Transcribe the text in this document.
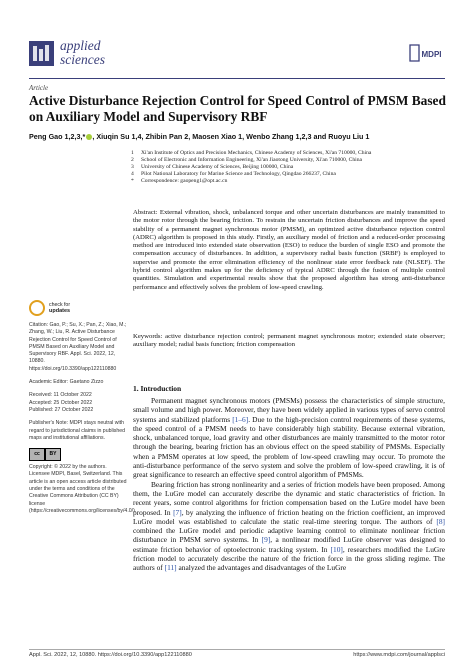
applied
sciences	MDPI
Article
Active Disturbance Rejection Control for Speed Control of PMSM Based on Auxiliary Model and Supervisory RBF
Peng Gao 1,2,3,* , Xiuqin Su 1,4, Zhibin Pan 2, Maosen Xiao 1, Wenbo Zhang 1,2,3 and Ruoyu Liu 1
1	Xi'an Institute of Optics and Precision Mechanics, Chinese Academy of Sciences, Xi'an 710000, China
2	School of Electronic and Information Engineering, Xi'an Jiaotong University, Xi'an 710000, China
3	University of Chinese Academy of Sciences, Beijing 100000, China
4	Pilot National Laboratory for Marine Science and Technology, Qingdao 266237, China
*	Correspondence: gaopeng1@opt.ac.cn
Abstract: External vibration, shock, unbalanced torque and other uncertain disturbances are mainly transmitted to the motor rotor through the bearing friction. To restrain the uncertain friction disturbances and improve the speed stability of a permanent magnet synchronous motor (PMSM), an optimized active disturbance rejection control (ADRC) algorithm is proposed in this study. Firstly, an auxiliary model of friction and a reduced-order processing method are introduced into extended state observation (ESO) to reduce the burden of single ESO and promote the compensation accuracy of disturbances. In addition, a supervisory radial basis function (SRBF) is employed to supervise and promote the error elimination efficiency of the nonlinear state error feedback rate (NLSEF). The hybrid control algorithm makes up for the deficiency of typical ADRC through the fusion of multiple control quantities. Simulation and experimental results show that the proposed algorithm has strong anti-disturbance performance and effectively solves the problem of low-speed crawling.
Keywords: active disturbance rejection control; permanent magnet synchronous motor; extended state observer; auxiliary model; radial basis function; friction compensation
check for
updates
Citation: Gao, P.; Su, X.; Pan, Z.; Xiao, M.; Zhang, W.; Liu, R. Active Disturbance Rejection Control for Speed Control of PMSM Based on Auxiliary Model and Supervisory RBF. Appl. Sci. 2022, 12, 10880. https://doi.org/10.3390/app122110880
Academic Editor: Gaetano Zizzo
Received: 11 October 2022
Accepted: 25 October 2022
Published: 27 October 2022
Publisher's Note: MDPI stays neutral with regard to jurisdictional claims in published maps and institutional affiliations.
cc	BY
Copyright: © 2022 by the authors. Licensee MDPI, Basel, Switzerland. This article is an open access article distributed under the terms and conditions of the Creative Commons Attribution (CC BY) license (https://creativecommons.org/licenses/by/4.0/).
1. Introduction

Permanent magnet synchronous motors (PMSMs) possess the characteristics of simple structure, small volume and high power. Moreover, they have been widely applied in various types of servo control systems and stabilized platforms [1–6]. Due to the high-precision control requirements of these systems, the speed control of a PMSM needs to have considerably high stability. Because external vibration, shock, unbalanced torque, load gravity and other disturbances are mainly transmitted to the motor rotor through the bearing, bearing friction has an obvious effect on the speed stability of PMSMs. Especially when a PMSM operates at low speed, the problem of low-speed crawling may occur. To promote the anti-disturbance performance of the servo system and solve the problem of low-speed crawling, it is of great significance to research an effective speed control algorithm of PMSMs.

Bearing friction has strong nonlinearity and a series of friction models have been proposed. Among them, the LuGre model can accurately describe the dynamic and static characteristics of friction. In recent years, some control algorithms for friction compensation based on the LuGre model have been proposed. In [7], by analyzing the influence of friction heating on the friction coefficient, an improved LuGre model was established to calculate the static real-time steering torque. The authors of [8] combined the LuGre model and periodic adaptive learning control to eliminate nonlinear friction disturbance in PMSM servo systems. In [9], a nonlinear modified LuGre observer was designed to estimate friction behavior of optoelectronic tracking system. In [10], researchers modified the LuGre friction model to accurately describe the nature of the friction force in the gross sliding regime. The authors of [11] analyzed the advantages and disadvantages of the LuGre

Appl. Sci. 2022, 12, 10880. https://doi.org/10.3390/app122110880	https://www.mdpi.com/journal/applsci
